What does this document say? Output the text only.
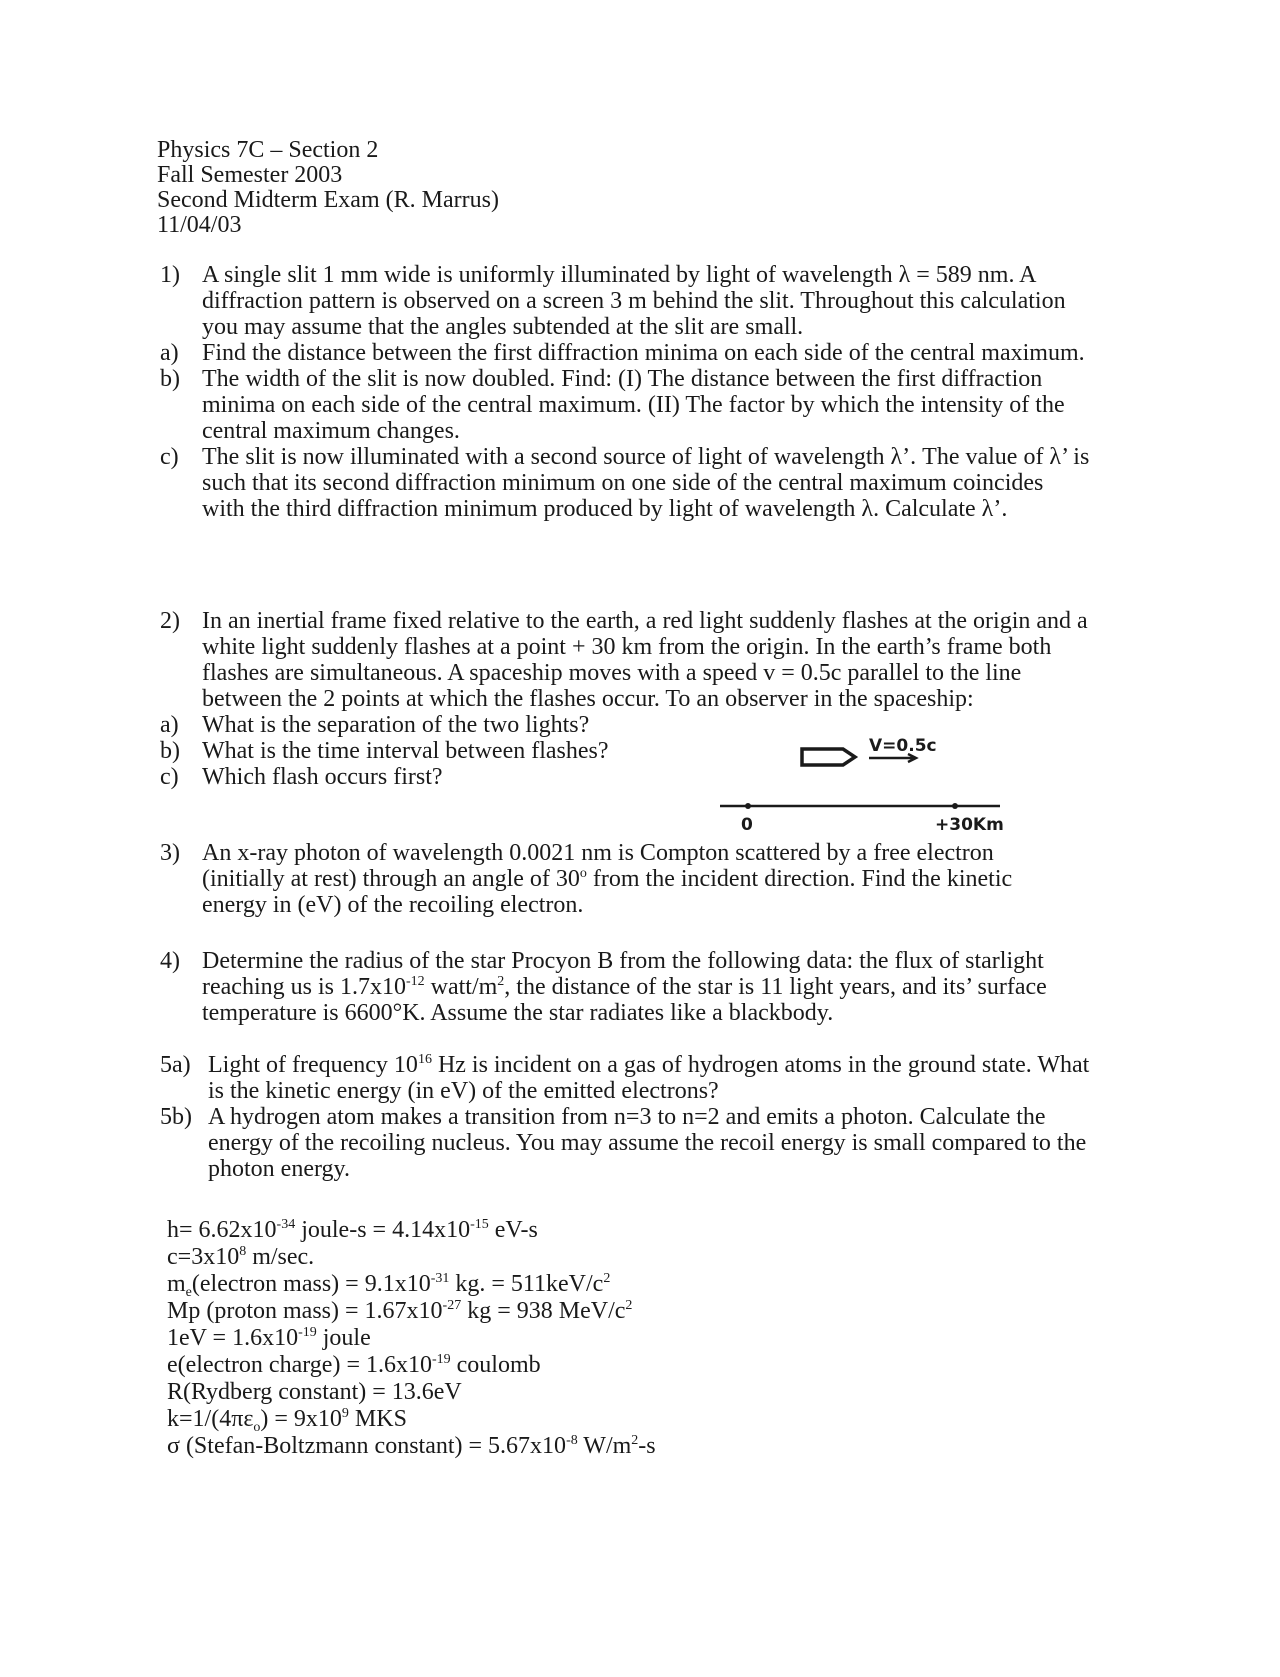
Physics 7C – Section 2
Fall Semester 2003
Second Midterm Exam (R. Marrus)
11/04/03
1) A single slit 1 mm wide is uniformly illuminated by light of wavelength λ = 589 nm. A diffraction pattern is observed on a screen 3 m behind the slit. Throughout this calculation you may assume that the angles subtended at the slit are small.
a) Find the distance between the first diffraction minima on each side of the central maximum.
b) The width of the slit is now doubled. Find: (I) The distance between the first diffraction minima on each side of the central maximum. (II) The factor by which the intensity of the central maximum changes.
c) The slit is now illuminated with a second source of light of wavelength λ’. The value of λ’ is such that its second diffraction minimum on one side of the central maximum coincides with the third diffraction minimum produced by light of wavelength λ. Calculate λ’.
2) In an inertial frame fixed relative to the earth, a red light suddenly flashes at the origin and a white light suddenly flashes at a point + 30 km from the origin. In the earth’s frame both flashes are simultaneous. A spaceship moves with a speed v = 0.5c parallel to the line between the 2 points at which the flashes occur. To an observer in the spaceship:
a) What is the separation of the two lights?
b) What is the time interval between flashes?
c) Which flash occurs first?
V=0.5c
0	+30Km
3) An x-ray photon of wavelength 0.0021 nm is Compton scattered by a free electron (initially at rest) through an angle of 30$^o$ from the incident direction. Find the kinetic energy in (eV) of the recoiling electron.
4) Determine the radius of the star Procyon B from the following data: the flux of starlight reaching us is $1.7x10^{-12}$ watt/$m^2$, the distance of the star is 11 light years, and its’ surface temperature is 6600°K. Assume the star radiates like a blackbody.
5a) Light of frequency $10^{16}$ Hz is incident on a gas of hydrogen atoms in the ground state. What is the kinetic energy (in eV) of the emitted electrons?
5b) A hydrogen atom makes a transition from n=3 to n=2 and emits a photon. Calculate the energy of the recoiling nucleus. You may assume the recoil energy is small compared to the photon energy.
$h= 6.62x10^{-34}$ joule-s = $4.14x10^{-15}$ eV-s
$c=3x10^8$ m/sec.
$m_e(electron$ mass) = $9.1x10^{-31}$ kg. = $511keV/c^2$
Mp (proton mass) = $1.67x10^{-27}$ kg = 938 MeV/$c^2$
$1eV = 1.6x10^{-19}$ joule
e(electron charge) = $1.6x10^{-19}$ coulomb
R(Rydberg constant) = 13.6eV
$k=1/(4\pi\varepsilon_o) = 9x10^9$ MKS
σ (Stefan-Boltzmann constant) = $5.67x10^{-8}$ $W/m^2-s$
